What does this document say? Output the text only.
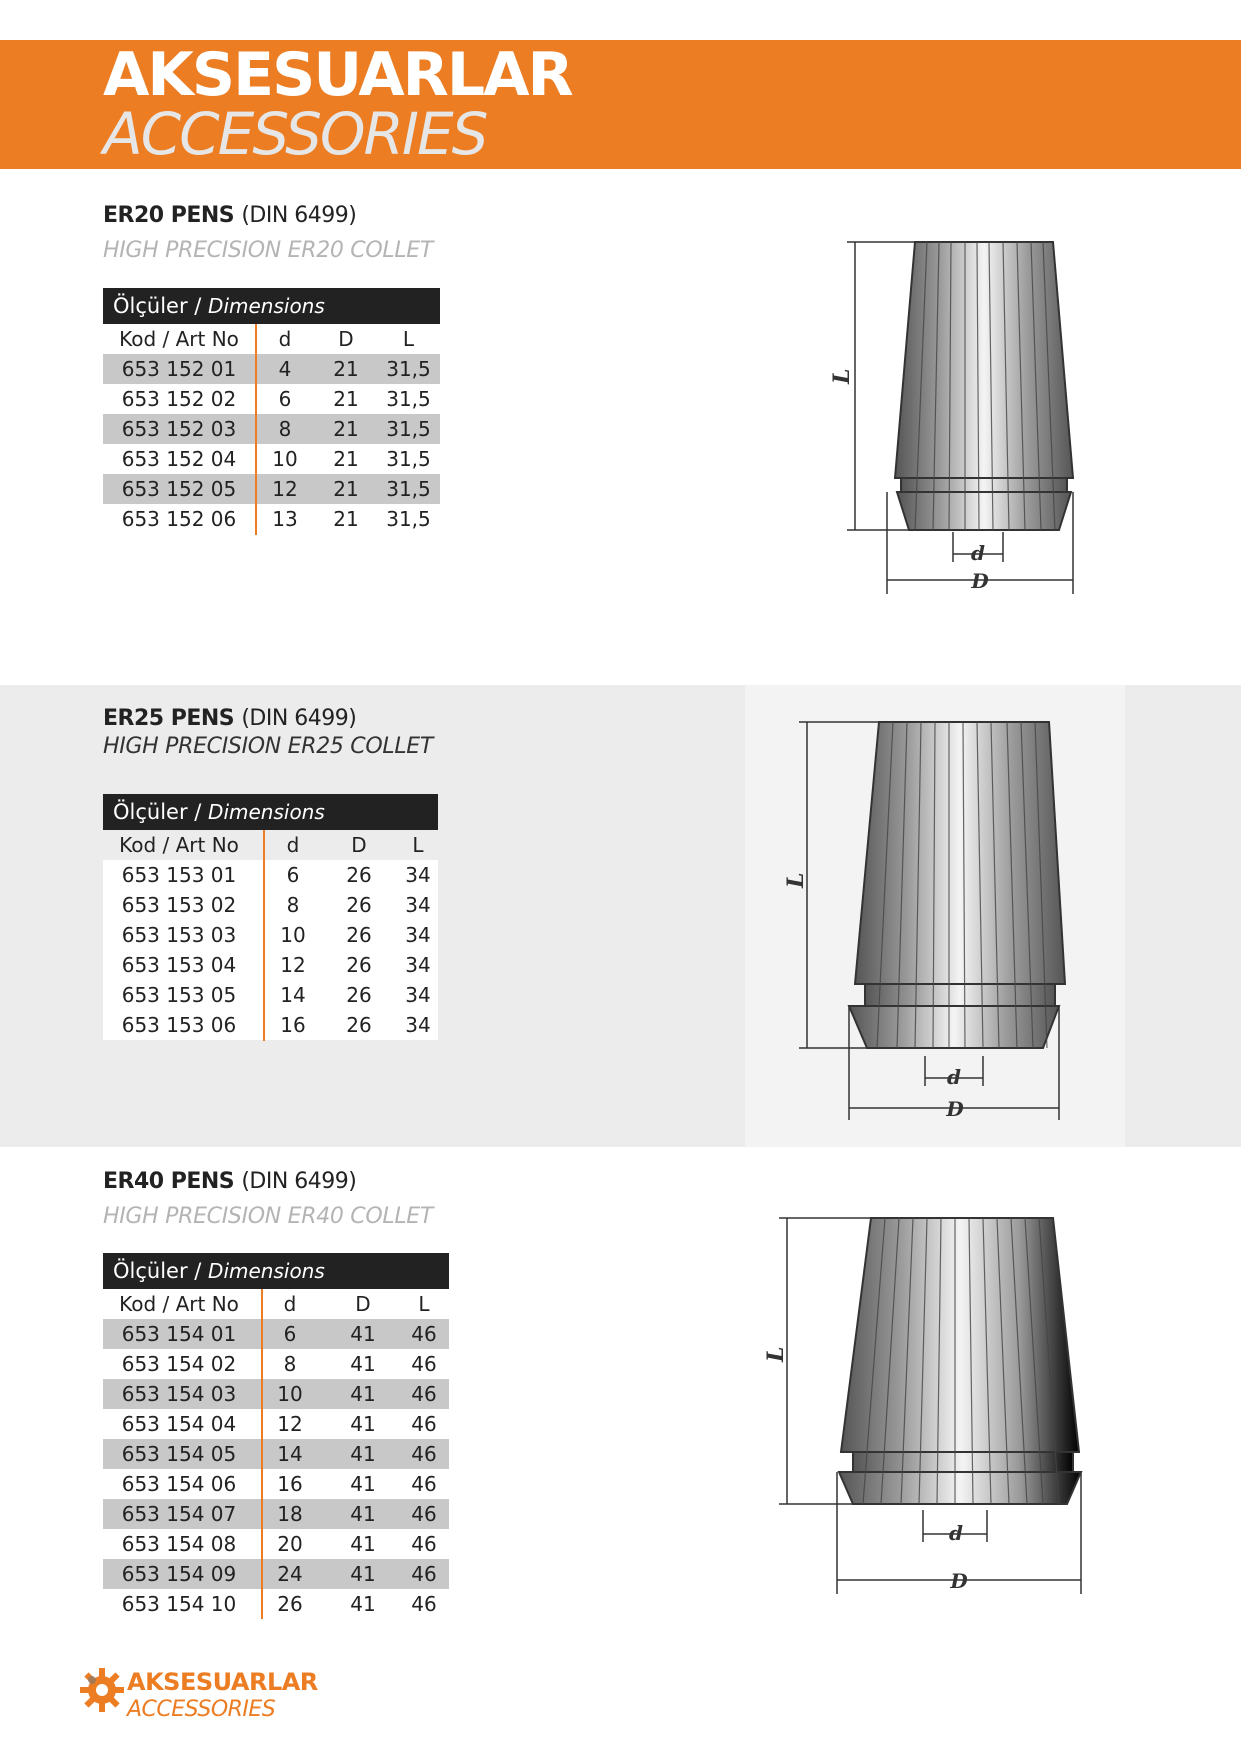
AKSESUARLAR
ACCESSORIES
ER20 PENS (DIN 6499)
HIGH PRECISION ER20 COLLET
Ölçüler / Dimensions
Kod / Art No	d	D	L
653 152 01	4	21	31,5
653 152 02	6	21	31,5
653 152 03	8	21	31,5
653 152 04	10	21	31,5
653 152 05	12	21	31,5
653 152 06	13	21	31,5
L
d
D
ER25 PENS (DIN 6499)
HIGH PRECISION ER25 COLLET
Ölçüler / Dimensions
Kod / Art No	d	D	L
653 153 01	6	26	34
653 153 02	8	26	34
653 153 03	10	26	34
653 153 04	12	26	34
653 153 05	14	26	34
653 153 06	16	26	34
L
d
D
ER40 PENS (DIN 6499)
HIGH PRECISION ER40 COLLET
Ölçüler / Dimensions
Kod / Art No	d	D	L
653 154 01	6	41	46
653 154 02	8	41	46
653 154 03	10	41	46
653 154 04	12	41	46
653 154 05	14	41	46
653 154 06	16	41	46
653 154 07	18	41	46
653 154 08	20	41	46
653 154 09	24	41	46
653 154 10	26	41	46
L
d
D
AKSESUARLAR
ACCESSORIES
